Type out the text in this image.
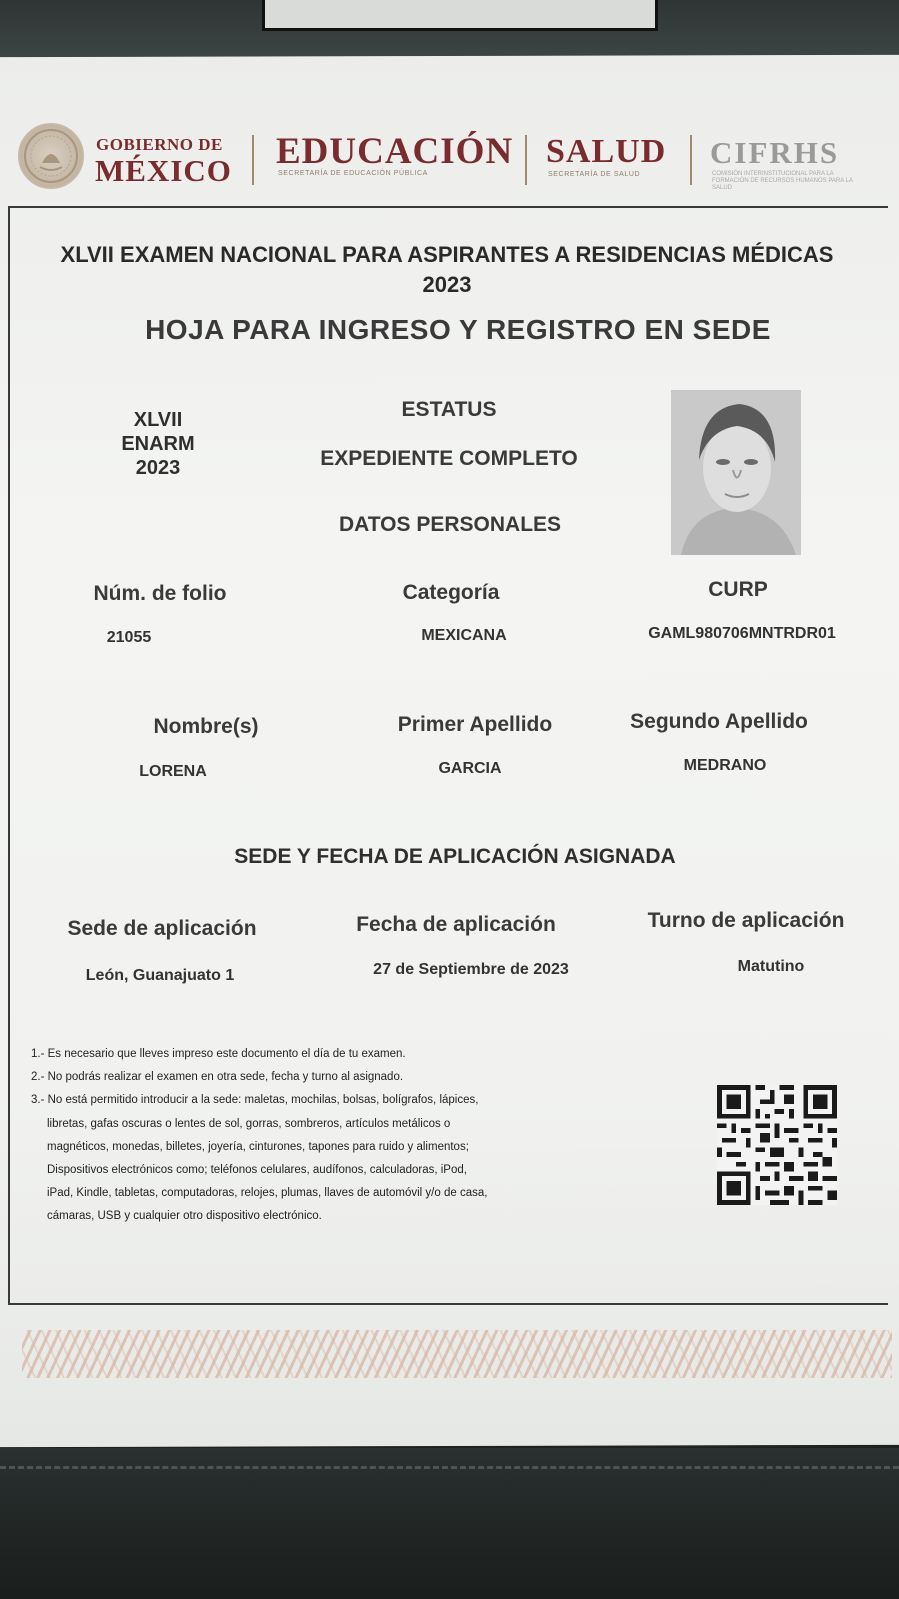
GOBIERNO DE
MÉXICO EDUCACIÓN
SECRETARÍA DE EDUCACIÓN PÚBLICA
SALUD
SECRETARÍA DE SALUD
CIFRHS
COMISIÓN INTERINSTITUCIONAL PARA LA FORMACIÓN DE RECURSOS HUMANOS PARA LA SALUD
XLVII EXAMEN NACIONAL PARA ASPIRANTES A RESIDENCIAS MÉDICAS
2023
HOJA PARA INGRESO Y REGISTRO EN SEDE
XLVII
ENARM
2023
ESTATUS
EXPEDIENTE COMPLETO
DATOS PERSONALES
Núm. de folio
21055
Categoría
MEXICANA
CURP
GAML980706MNTRDR01
Nombre(s)
LORENA
Primer Apellido
GARCIA
Segundo Apellido
MEDRANO
SEDE Y FECHA DE APLICACIÓN ASIGNADA
Sede de aplicación
León, Guanajuato 1
Fecha de aplicación
27 de Septiembre de 2023
Turno de aplicación
Matutino

1.- Es necesario que lleves impreso este documento el día de tu examen.

2.- No podrás realizar el examen en otra sede, fecha y turno al asignado.

3.- No está permitido introducir a la sede: maletas, mochilas, bolsas, bolígrafos, lápices,

libretas, gafas oscuras o lentes de sol, gorras, sombreros, artículos metálicos o

magnéticos, monedas, billetes, joyería, cinturones, tapones para ruido y alimentos;

Dispositivos electrónicos como; teléfonos celulares, audífonos, calculadoras, iPod,

iPad, Kindle, tabletas, computadoras, relojes, plumas, llaves de automóvil y/o de casa,

cámaras, USB y cualquier otro dispositivo electrónico.
